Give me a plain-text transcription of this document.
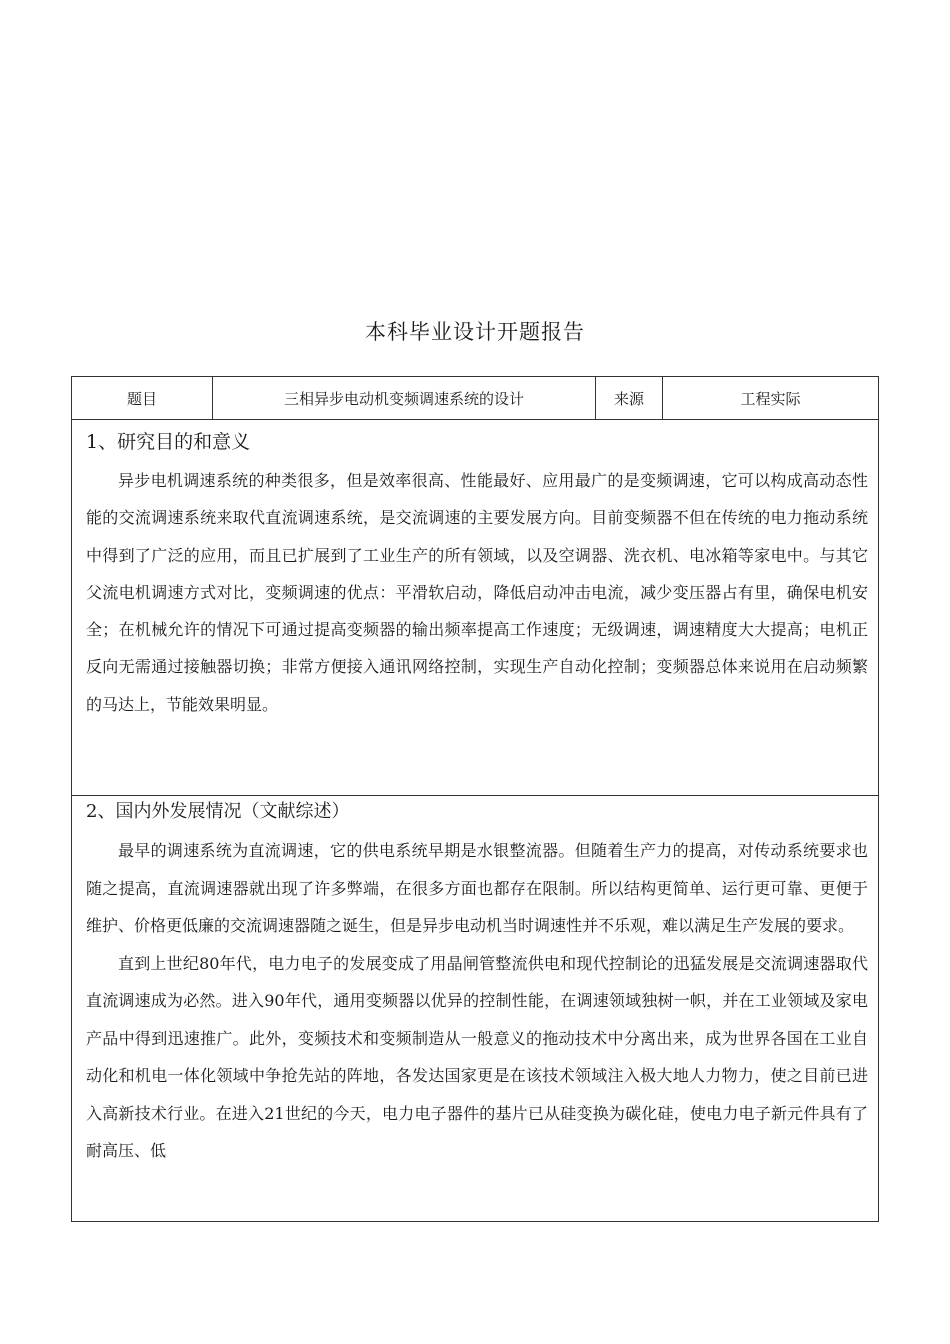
本科毕业设计开题报告
题目	三相异步电动机变频调速系统的设计	来源	工程实际
1、研究目的和意义

异步电机调速系统的种类很多，但是效率很高、性能最好、应用最广的是变频调速，它可以构成高动态性能的交流调速系统来取代直流调速系统，是交流调速的主要发展方向。目前变频器不但在传统的电力拖动系统中得到了广泛的应用，而且已扩展到了工业生产的所有领域，以及空调器、洗衣机、电冰箱等家电中。与其它父流电机调速方式对比，变频调速的优点：平滑软启动，降低启动冲击电流，减少变压器占有里，确保电机安全；在机械允许的情况下可通过提高变频器的输出频率提高工作速度；无级调速，调速精度大大提高；电机正反向无需通过接触器切换；非常方便接入通讯网络控制，实现生产自动化控制；变频器总体来说用在启动频繁的马达上，节能效果明显。

2、国内外发展情况（文献综述）

最早的调速系统为直流调速，它的供电系统早期是水银整流器。但随着生产力的提高，对传动系统要求也随之提高，直流调速器就出现了许多弊端，在很多方面也都存在限制。所以结构更简单、运行更可靠、更便于维护、价格更低廉的交流调速器随之诞生，但是异步电动机当时调速性并不乐观，难以满足生产发展的要求。

直到上世纪80年代，电力电子的发展变成了用晶闸管整流供电和现代控制论的迅猛发展是交流调速器取代直流调速成为必然。进入90年代，通用变频器以优异的控制性能，在调速领域独树一帜，并在工业领域及家电产品中得到迅速推广。此外，变频技术和变频制造从一般意义的拖动技术中分离出来，成为世界各国在工业自动化和机电一体化领域中争抢先站的阵地，各发达国家更是在该技术领域注入极大地人力物力，使之目前已进入高新技术行业。在进入21世纪的今天，电力电子器件的基片已从硅变换为碳化硅，使电力电子新元件具有了耐高压、低
